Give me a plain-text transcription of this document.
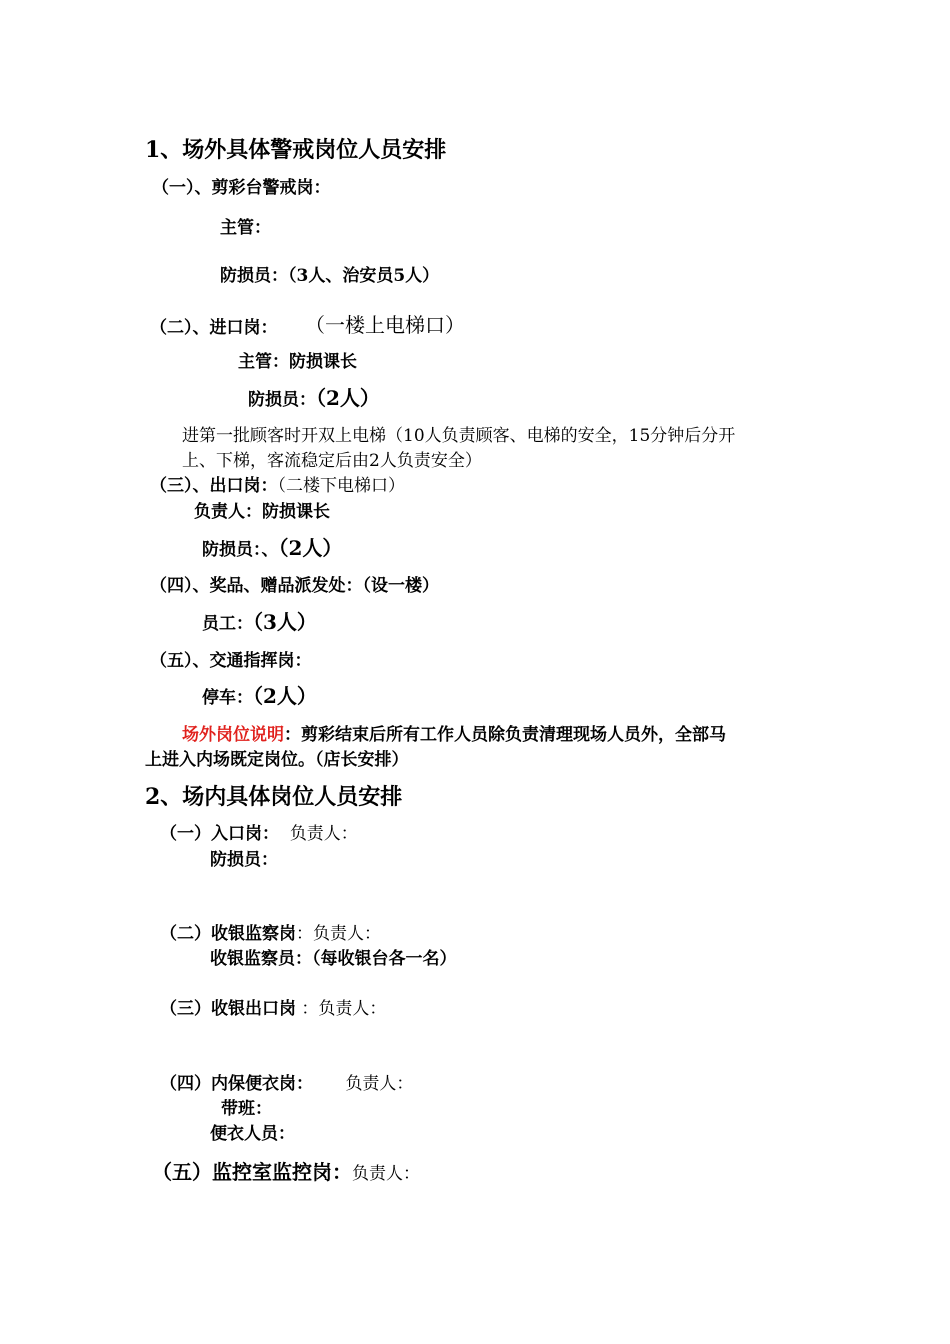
1、场外具体警戒岗位人员安排
（一）、剪彩台警戒岗：
主管：
防损员：（3人、治安员5人）
（二）、进口岗： （一楼上电梯口）
主管：防损课长
防损员：（2人）
进第一批顾客时开双上电梯（10人负责顾客、电梯的安全，15分钟后分开
上、下梯，客流稳定后由2人负责安全）
（三）、出口岗：（二楼下电梯口）
负责人：防损课长
防损员：、（2人）
（四）、奖品、赠品派发处：（设一楼）
员工：（3人）
（五）、交通指挥岗：
停车：（2人）
场外岗位说明：剪彩结束后所有工作人员除负责清理现场人员外，全部马
上进入内场既定岗位。（店长安排）
2、场内具体岗位人员安排
（一）入口岗： 负责人：
防损员：
（二）收银监察岗：负责人：
收银监察员：（每收银台各一名）
（三）收银出口岗 ：负责人：
（四）内保便衣岗： 负责人：
带班：
便衣人员：
（五）监控室监控岗：负责人：
